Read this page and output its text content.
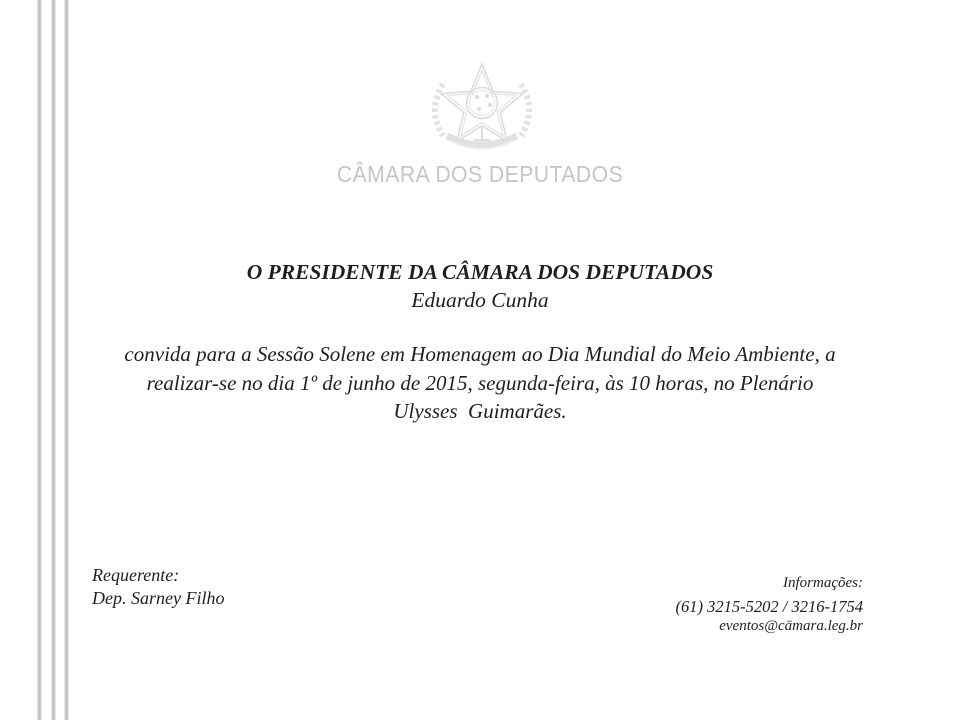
CÂMARA DOS DEPUTADOS

O PRESIDENTE DA CÂMARA DOS DEPUTADOS

Eduardo Cunha

convida para a Sessão Solene em Homenagem ao Dia Mundial do Meio Ambiente, a
realizar-se no dia 1º de junho de 2015, segunda-feira, às 10 horas, no Plenário
Ulysses  Guimarães.
Requerente:
Dep. Sarney Filho
Informações:
(61) 3215-5202 / 3216-1754
eventos@cāmara.leg.br
